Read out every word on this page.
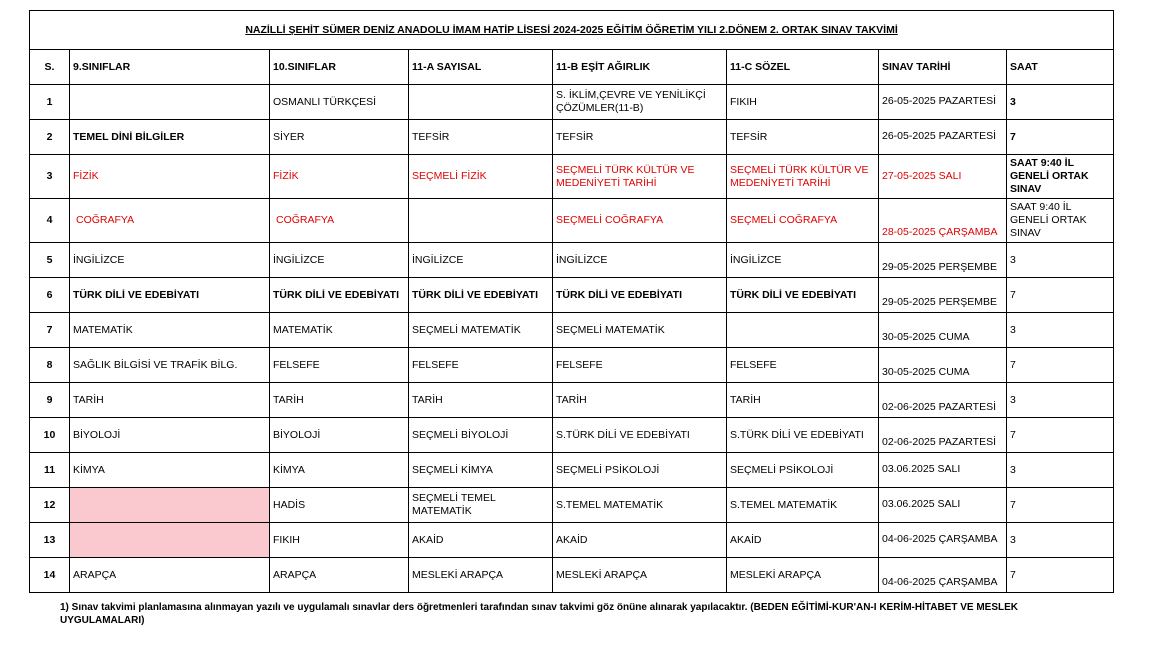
NAZİLLİ ŞEHİT SÜMER DENİZ ANADOLU İMAM HATİP LİSESİ 2024-2025 EĞİTİM ÖĞRETİM YILI 2.DÖNEM 2. ORTAK SINAV TAKVİMİ							
S.	9.SINIFLAR	10.SINIFLAR	11-A SAYISAL	11-B EŞİT AĞIRLIK	11-C SÖZEL	SINAV TARİHİ	SAAT
1		OSMANLI TÜRKÇESİ		S. İKLİM,ÇEVRE VE YENİLİKÇİ ÇÖZÜMLER(11-B)	FIKIH	26-05-2025 PAZARTESİ	3
2	TEMEL DİNİ BİLGİLER	SİYER	TEFSİR	TEFSİR	TEFSİR	26-05-2025 PAZARTESİ	7
3	FİZİK	FİZİK	SEÇMELİ FİZİK	SEÇMELİ TÜRK KÜLTÜR VE MEDENİYETİ TARİHİ	SEÇMELİ TÜRK KÜLTÜR VE MEDENİYETİ TARİHİ	27-05-2025 SALI	SAAT 9:40 İL GENELİ ORTAK SINAV
4	COĞRAFYA	COĞRAFYA		SEÇMELİ COĞRAFYA	SEÇMELİ COĞRAFYA	28-05-2025 ÇARŞAMBA	SAAT 9:40 İL GENELİ ORTAK SINAV
5	İNGİLİZCE	İNGİLİZCE	İNGİLİZCE	İNGİLİZCE	İNGİLİZCE	29-05-2025 PERŞEMBE	3
6	TÜRK DİLİ VE EDEBİYATI	TÜRK DİLİ VE EDEBİYATI	TÜRK DİLİ VE EDEBİYATI	TÜRK DİLİ VE EDEBİYATI	TÜRK DİLİ VE EDEBİYATI	29-05-2025 PERŞEMBE	7
7	MATEMATİK	MATEMATİK	SEÇMELİ MATEMATİK	SEÇMELİ MATEMATİK		30-05-2025 CUMA	3
8	SAĞLIK BİLGİSİ VE TRAFİK BİLG.	FELSEFE	FELSEFE	FELSEFE	FELSEFE	30-05-2025 CUMA	7
9	TARİH	TARİH	TARİH	TARİH	TARİH	02-06-2025 PAZARTESİ	3
10	BİYOLOJİ	BİYOLOJİ	SEÇMELİ BİYOLOJİ	S.TÜRK DİLİ VE EDEBİYATI	S.TÜRK DİLİ VE EDEBİYATI	02-06-2025 PAZARTESİ	7
11	KİMYA	KİMYA	SEÇMELİ KİMYA	SEÇMELİ PSİKOLOJİ	SEÇMELİ PSİKOLOJİ	03.06.2025 SALI	3
12		HADİS	SEÇMELİ TEMEL MATEMATİK	S.TEMEL MATEMATİK	S.TEMEL MATEMATİK	03.06.2025 SALI	7
13		FIKIH	AKAİD	AKAİD	AKAİD	04-06-2025 ÇARŞAMBA	3
14	ARAPÇA	ARAPÇA	MESLEKİ ARAPÇA	MESLEKİ ARAPÇA	MESLEKİ ARAPÇA	04-06-2025 ÇARŞAMBA	7
1) Sınav takvimi planlamasına alınmayan yazılı ve uygulamalı sınavlar ders öğretmenleri tarafından sınav takvimi göz önüne alınarak yapılacaktır. (BEDEN EĞİTİMİ-KUR'AN-I KERİM-HİTABET VE MESLEK UYGULAMALARI)
